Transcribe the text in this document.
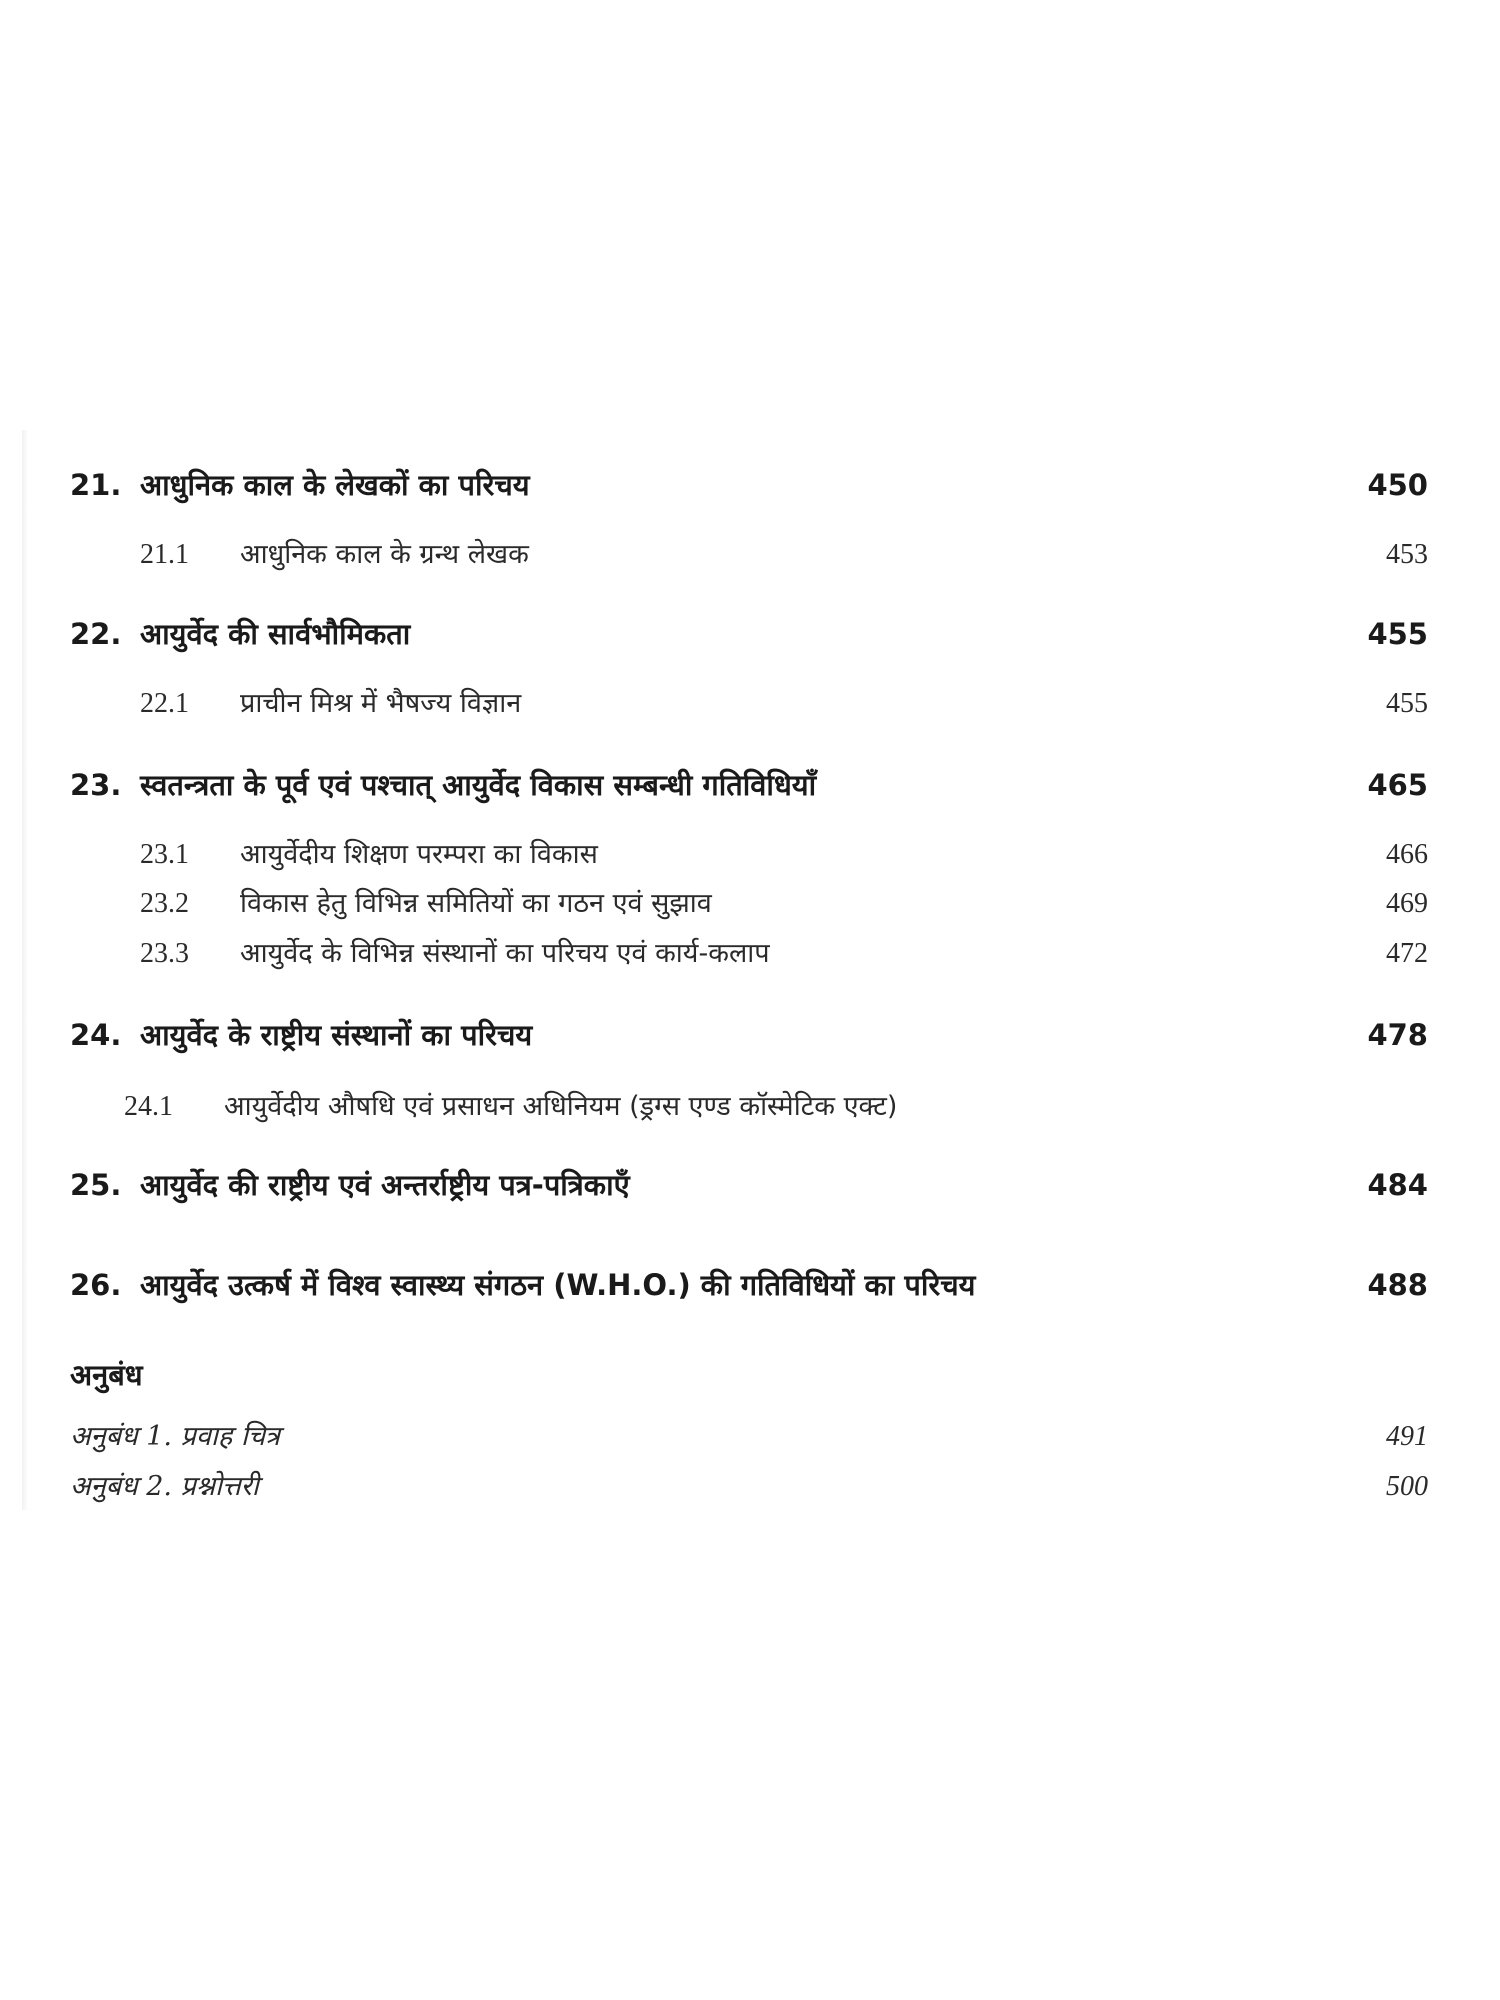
21. आधुनिक काल के लेखकों का परिचय	450
21.1 आधुनिक काल के ग्रन्थ लेखक	453
22. आयुर्वेद की सार्वभौमिकता	455
22.1 प्राचीन मिश्र में भैषज्य विज्ञान	455
23. स्वतन्त्रता के पूर्व एवं पश्चात् आयुर्वेद विकास सम्बन्धी गतिविधियाँ	465
23.1 आयुर्वेदीय शिक्षण परम्परा का विकास	466
23.2 विकास हेतु विभिन्न समितियों का गठन एवं सुझाव	469
23.3 आयुर्वेद के विभिन्न संस्थानों का परिचय एवं कार्य-कलाप	472
24. आयुर्वेद के राष्ट्रीय संस्थानों का परिचय	478
24.1 आयुर्वेदीय औषधि एवं प्रसाधन अधिनियम (ड्रग्स एण्ड कॉस्मेटिक एक्ट)
25. आयुर्वेद की राष्ट्रीय एवं अन्तर्राष्ट्रीय पत्र-पत्रिकाएँ	484
26. आयुर्वेद उत्कर्ष में विश्व स्वास्थ्य संगठन (W.H.O.) की गतिविधियों का परिचय	488
अनुबंध
अनुबंध 1. प्रवाह चित्र	491
अनुबंध 2. प्रश्नोत्तरी	500
